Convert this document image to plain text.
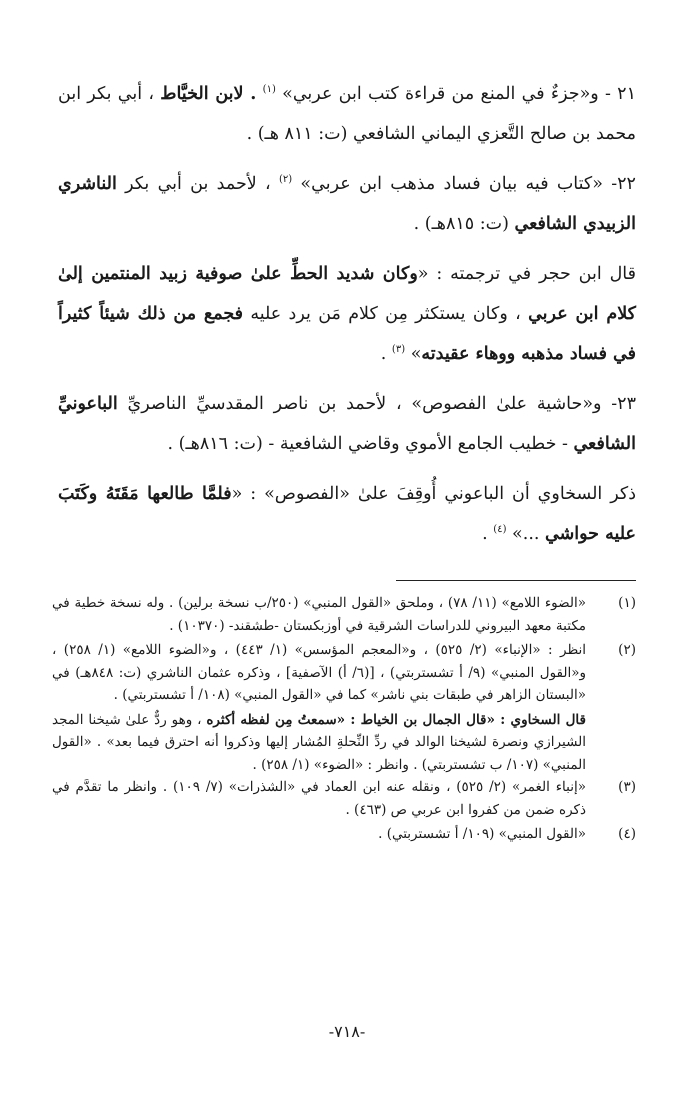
٢١ - و«جزءٌ في المنع من قراءة كتب ابن عربي» $^{(١)}$ . لابن الخيَّاط ، أبي بكر ابن محمد بن صالح التَّعزي اليماني الشافعي (ت: ٨١١ هـ) .

٢٢- «كتاب فيه بيان فساد مذهب ابن عربي» $^{(٢)}$ ، لأحمد بن أبي بكر الناشري الزبيدي الشافعي (ت: ٨١٥هـ) .

قال ابن حجر في ترجمته : «وكان شديد الحطِّ علىٰ صوفية زبيد المنتمين إلىٰ كلام ابن عربي ، وكان يستكثر مِن كلام مَن يرد عليه فجمع من ذلك شيئاً كثيراً في فساد مذهبه ووهاء عقيدته» $^{(٣)}$ .

٢٣- و«حاشية علىٰ الفصوص» ، لأحمد بن ناصر المقدسيِّ الناصريِّ الباعونيِّ الشافعي - خطيب الجامع الأموي وقاضي الشافعية - (ت: ٨١٦هـ) .

ذكر السخاوي أن الباعوني أُوقِفَ علىٰ «الفصوص» : «فلمَّا طالعها مَقَتَهُ وكَتَبَ عليه حواشي ...» $^{(٤)}$ .

(١)
«الضوء اللامع» (١١/ ٧٨) ، وملحق «القول المنبي» (٢٥٠/ب نسخة برلين) . وله نسخة خطية في مكتبة معهد البيروني للدراسات الشرقية في أوزبكستان -طشقند- (١٠٣٧٠) .
(٢)
انظر : «الإنباء» (٢/ ٥٢٥) ، و«المعجم المؤسس» (١/ ٤٤٣) ، و«الضوء اللامع» (١/ ٢٥٨) ، و«القول المنبي» (٩/ أ تشستربتي) ، [(٦/ أ) الآصفية] ، وذكره عثمان الناشري (ت: ٨٤٨هـ) في «البستان الزاهر في طبقات بني ناشر» كما في «القول المنبي» (١٠٨/ أ تشستربتي) .
قال السخاوي : «قال الجمال بن الخياط : «سمعتُ مِن لفظه أكثره ، وهو ردٌّ علىٰ شيخنا المجد الشيرازي ونصرة لشيخنا الوالد في ردِّ النِّحلةِ المُشار إليها وذكروا أنه احترق فيما بعد» . «القول المنبي» (١٠٧/ ب تشستربتي) . وانظر : «الضوء» (١/ ٢٥٨) .
(٣)
«إنباء الغمر» (٢/ ٥٢٥) ، ونقله عنه ابن العماد في «الشذرات» (٧/ ١٠٩) . وانظر ما تقدَّم في ذكره ضمن من كفروا ابن عربي ص (٤٦٣) .
(٤)
«القول المنبي» (١٠٩/ أ تشستربتي) .
-٧١٨-
